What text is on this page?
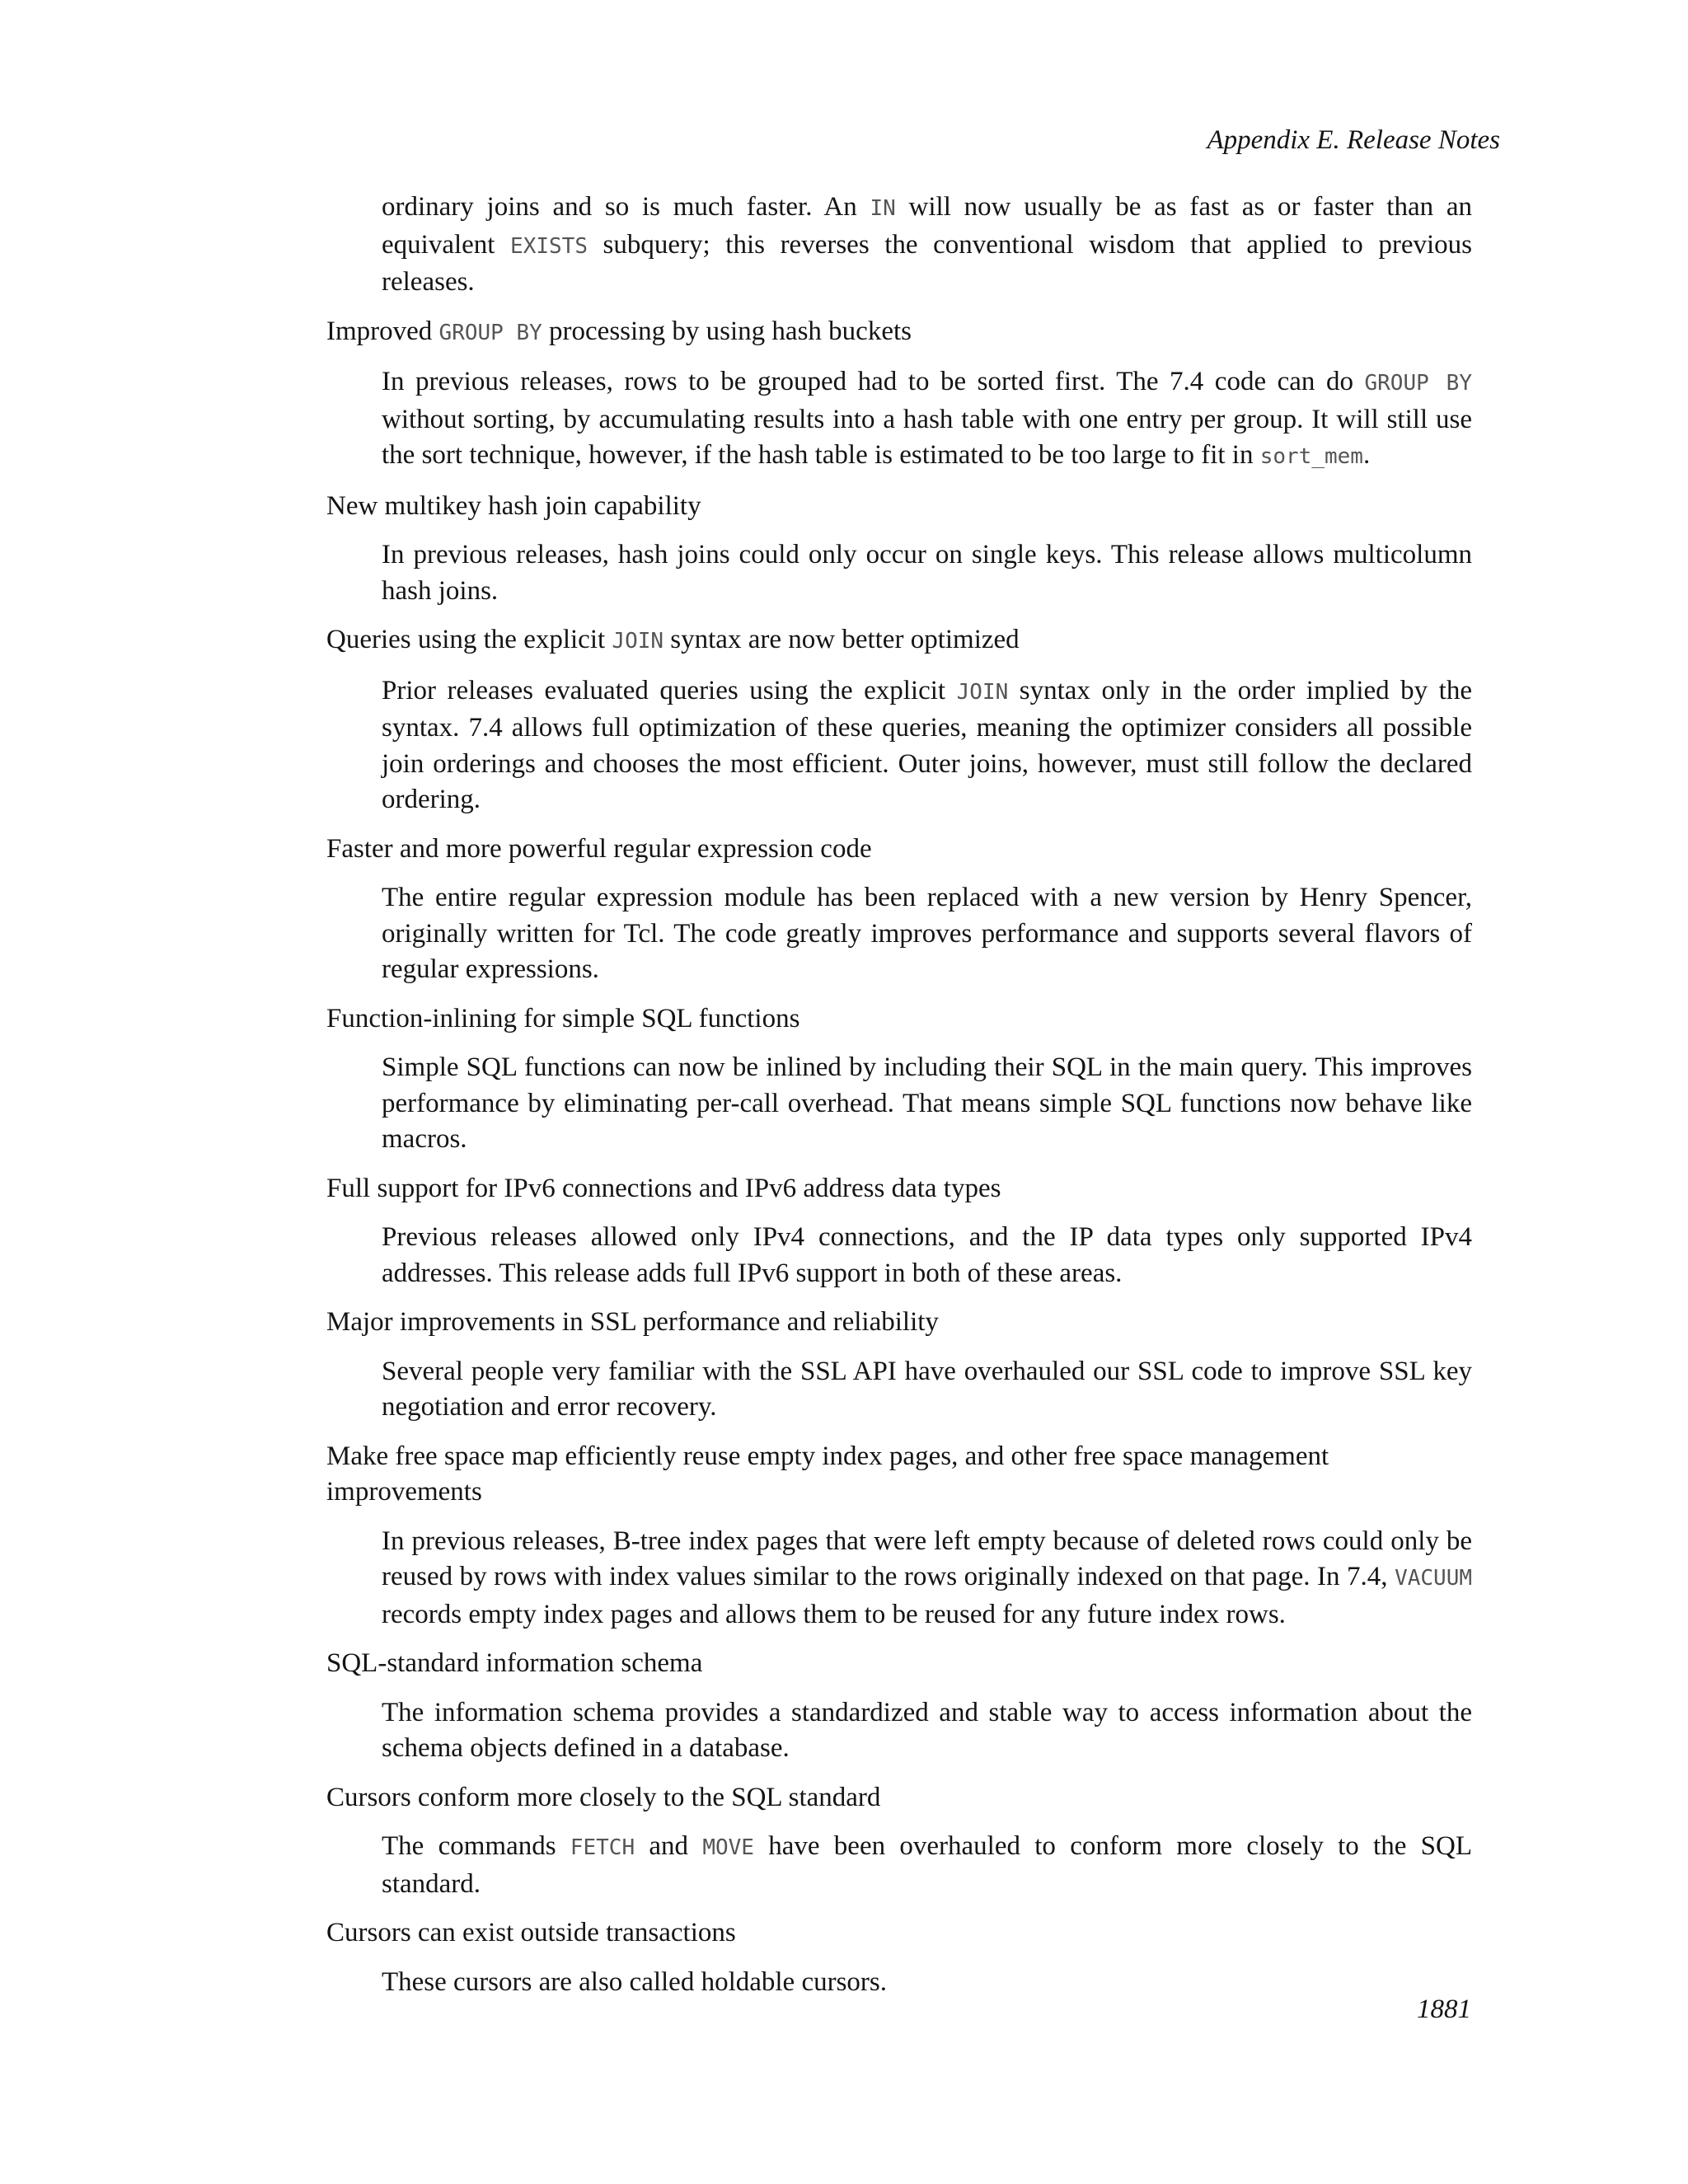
Appendix E. Release Notes
ordinary joins and so is much faster. An IN will now usually be as fast as or faster than an equivalent EXISTS subquery; this reverses the conventional wisdom that applied to previous releases.
Improved GROUP BY processing by using hash buckets
In previous releases, rows to be grouped had to be sorted first. The 7.4 code can do GROUP BY without sorting, by accumulating results into a hash table with one entry per group. It will still use the sort technique, however, if the hash table is estimated to be too large to fit in sort_mem.
New multikey hash join capability
In previous releases, hash joins could only occur on single keys. This release allows multicolumn hash joins.
Queries using the explicit JOIN syntax are now better optimized
Prior releases evaluated queries using the explicit JOIN syntax only in the order implied by the syntax. 7.4 allows full optimization of these queries, meaning the optimizer considers all possible join orderings and chooses the most efficient. Outer joins, however, must still follow the declared ordering.
Faster and more powerful regular expression code
The entire regular expression module has been replaced with a new version by Henry Spencer, originally written for Tcl. The code greatly improves performance and supports several flavors of regular expressions.
Function-inlining for simple SQL functions
Simple SQL functions can now be inlined by including their SQL in the main query. This improves performance by eliminating per-call overhead. That means simple SQL functions now behave like macros.
Full support for IPv6 connections and IPv6 address data types
Previous releases allowed only IPv4 connections, and the IP data types only supported IPv4 addresses. This release adds full IPv6 support in both of these areas.
Major improvements in SSL performance and reliability
Several people very familiar with the SSL API have overhauled our SSL code to improve SSL key negotiation and error recovery.
Make free space map efficiently reuse empty index pages, and other free space management improvements
In previous releases, B-tree index pages that were left empty because of deleted rows could only be reused by rows with index values similar to the rows originally indexed on that page. In 7.4, VACUUM records empty index pages and allows them to be reused for any future index rows.
SQL-standard information schema
The information schema provides a standardized and stable way to access information about the schema objects defined in a database.
Cursors conform more closely to the SQL standard
The commands FETCH and MOVE have been overhauled to conform more closely to the SQL standard.
Cursors can exist outside transactions
These cursors are also called holdable cursors.
1881
